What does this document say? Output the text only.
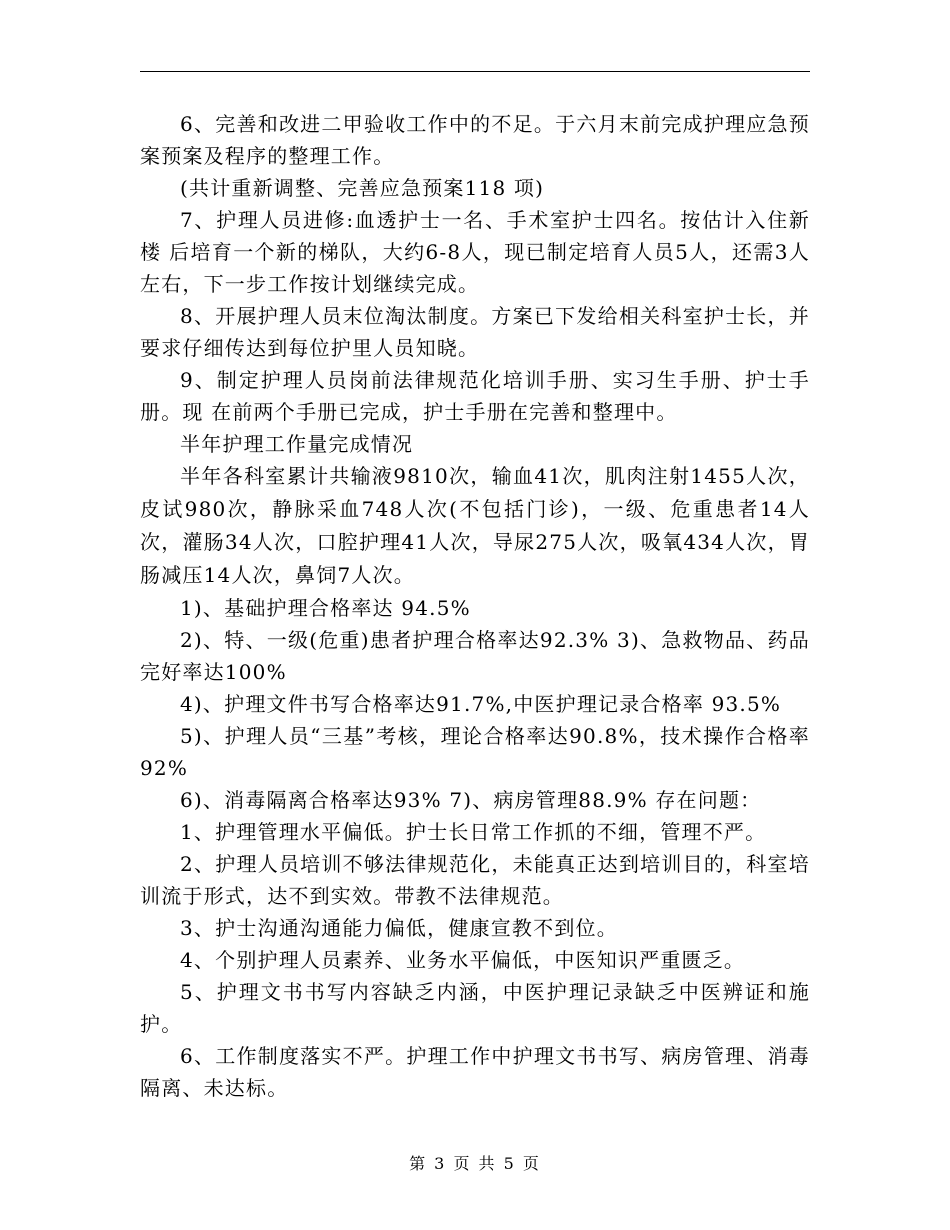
6、完善和改进二甲验收工作中的不足。于六月末前完成护理应急预 案预案及程序的整理工作。

(共计重新调整、完善应急预案118 项)

7、护理人员进修:血透护士一名、手术室护士四名。按估计入住新楼 后培育一个新的梯队，大约6-8人，现已制定培育人员5人，还需3人左右，下一步工作按计划继续完成。

8、开展护理人员末位淘汰制度。方案已下发给相关科室护士长，并 要求仔细传达到每位护里人员知晓。

9、制定护理人员岗前法律规范化培训手册、实习生手册、护士手册。现 在前两个手册已完成，护士手册在完善和整理中。

半年护理工作量完成情况

半年各科室累计共输液9810次，输血41次，肌肉注射1455人次，皮试980次，静脉采血748人次(不包括门诊)，一级、危重患者14人次，灌肠34人次，口腔护理41人次，导尿275人次，吸氧434人次，胃肠减压14人次，鼻饲7人次。

1)、基础护理合格率达 94.5%

2)、特、一级(危重)患者护理合格率达92.3% 3)、急救物品、药品完好率达100%

4)、护理文件书写合格率达91.7%,中医护理记录合格率 93.5%

5)、护理人员“三基”考核，理论合格率达90.8%，技术操作合格率 92%

6)、消毒隔离合格率达93% 7)、病房管理88.9% 存在问题：

1、护理管理水平偏低。护士长日常工作抓的不细，管理不严。

2、护理人员培训不够法律规范化，未能真正达到培训目的，科室培训流于形式，达不到实效。带教不法律规范。

3、护士沟通沟通能力偏低，健康宣教不到位。

4、个别护理人员素养、业务水平偏低，中医知识严重匮乏。

5、护理文书书写内容缺乏内涵，中医护理记录缺乏中医辨证和施护。

6、工作制度落实不严。护理工作中护理文书书写、病房管理、消毒隔离、未达标。

第 3 页 共 5 页
